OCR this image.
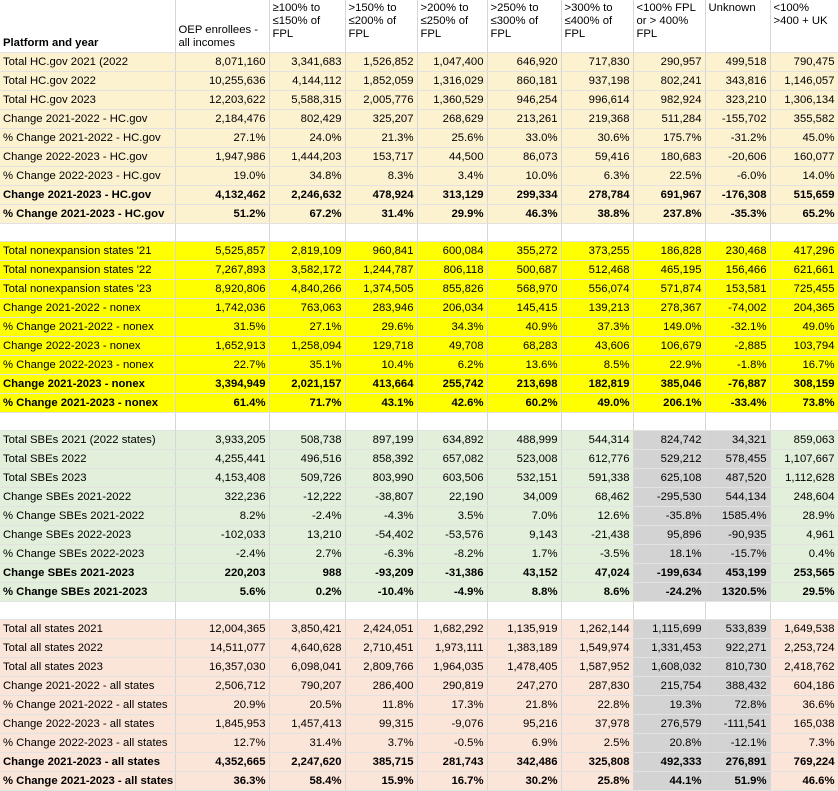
Platform and year	OEP enrollees - all incomes	≥100% to ≤150% of FPL	>150% to ≤200% of FPL	>200% to ≤250% of FPL	>250% to ≤300% of FPL	>300% to ≤400% of FPL	<100% FPL or > 400% FPL	Unknown	<100% >400 + UK
Total HC.gov 2021 (2022	8,071,160	3,341,683	1,526,852	1,047,400	646,920	717,830	290,957	499,518	790,475
Total HC.gov 2022	10,255,636	4,144,112	1,852,059	1,316,029	860,181	937,198	802,241	343,816	1,146,057
Total HC.gov 2023	12,203,622	5,588,315	2,005,776	1,360,529	946,254	996,614	982,924	323,210	1,306,134
Change 2021-2022 - HC.gov	2,184,476	802,429	325,207	268,629	213,261	219,368	511,284	-155,702	355,582
% Change 2021-2022 - HC.gov	27.1%	24.0%	21.3%	25.6%	33.0%	30.6%	175.7%	-31.2%	45.0%
Change 2022-2023 - HC.gov	1,947,986	1,444,203	153,717	44,500	86,073	59,416	180,683	-20,606	160,077
% Change 2022-2023 - HC.gov	19.0%	34.8%	8.3%	3.4%	10.0%	6.3%	22.5%	-6.0%	14.0%
Change 2021-2023 - HC.gov	4,132,462	2,246,632	478,924	313,129	299,334	278,784	691,967	-176,308	515,659
% Change 2021-2023 - HC.gov	51.2%	67.2%	31.4%	29.9%	46.3%	38.8%	237.8%	-35.3%	65.2%

Total nonexpansion states '21	5,525,857	2,819,109	960,841	600,084	355,272	373,255	186,828	230,468	417,296
Total nonexpansion states '22	7,267,893	3,582,172	1,244,787	806,118	500,687	512,468	465,195	156,466	621,661
Total nonexpansion states '23	8,920,806	4,840,266	1,374,505	855,826	568,970	556,074	571,874	153,581	725,455
Change 2021-2022 - nonex	1,742,036	763,063	283,946	206,034	145,415	139,213	278,367	-74,002	204,365
% Change 2021-2022 - nonex	31.5%	27.1%	29.6%	34.3%	40.9%	37.3%	149.0%	-32.1%	49.0%
Change 2022-2023 - nonex	1,652,913	1,258,094	129,718	49,708	68,283	43,606	106,679	-2,885	103,794
% Change 2022-2023 - nonex	22.7%	35.1%	10.4%	6.2%	13.6%	8.5%	22.9%	-1.8%	16.7%
Change 2021-2023 - nonex	3,394,949	2,021,157	413,664	255,742	213,698	182,819	385,046	-76,887	308,159
% Change 2021-2023 - nonex	61.4%	71.7%	43.1%	42.6%	60.2%	49.0%	206.1%	-33.4%	73.8%

Total SBEs 2021 (2022 states)	3,933,205	508,738	897,199	634,892	488,999	544,314	824,742	34,321	859,063
Total SBEs 2022	4,255,441	496,516	858,392	657,082	523,008	612,776	529,212	578,455	1,107,667
Total SBEs 2023	4,153,408	509,726	803,990	603,506	532,151	591,338	625,108	487,520	1,112,628
Change SBEs 2021-2022	322,236	-12,222	-38,807	22,190	34,009	68,462	-295,530	544,134	248,604
% Change SBEs 2021-2022	8.2%	-2.4%	-4.3%	3.5%	7.0%	12.6%	-35.8%	1585.4%	28.9%
Change SBEs 2022-2023	-102,033	13,210	-54,402	-53,576	9,143	-21,438	95,896	-90,935	4,961
% Change SBEs 2022-2023	-2.4%	2.7%	-6.3%	-8.2%	1.7%	-3.5%	18.1%	-15.7%	0.4%
Change SBEs 2021-2023	220,203	988	-93,209	-31,386	43,152	47,024	-199,634	453,199	253,565
% Change SBEs 2021-2023	5.6%	0.2%	-10.4%	-4.9%	8.8%	8.6%	-24.2%	1320.5%	29.5%

Total all states 2021	12,004,365	3,850,421	2,424,051	1,682,292	1,135,919	1,262,144	1,115,699	533,839	1,649,538
Total all states 2022	14,511,077	4,640,628	2,710,451	1,973,111	1,383,189	1,549,974	1,331,453	922,271	2,253,724
Total all states 2023	16,357,030	6,098,041	2,809,766	1,964,035	1,478,405	1,587,952	1,608,032	810,730	2,418,762
Change 2021-2022 - all states	2,506,712	790,207	286,400	290,819	247,270	287,830	215,754	388,432	604,186
% Change 2021-2022 - all states	20.9%	20.5%	11.8%	17.3%	21.8%	22.8%	19.3%	72.8%	36.6%
Change 2022-2023 - all states	1,845,953	1,457,413	99,315	-9,076	95,216	37,978	276,579	-111,541	165,038
% Change 2022-2023 - all states	12.7%	31.4%	3.7%	-0.5%	6.9%	2.5%	20.8%	-12.1%	7.3%
Change 2021-2023 - all states	4,352,665	2,247,620	385,715	281,743	342,486	325,808	492,333	276,891	769,224
% Change 2021-2023 - all states	36.3%	58.4%	15.9%	16.7%	30.2%	25.8%	44.1%	51.9%	46.6%
